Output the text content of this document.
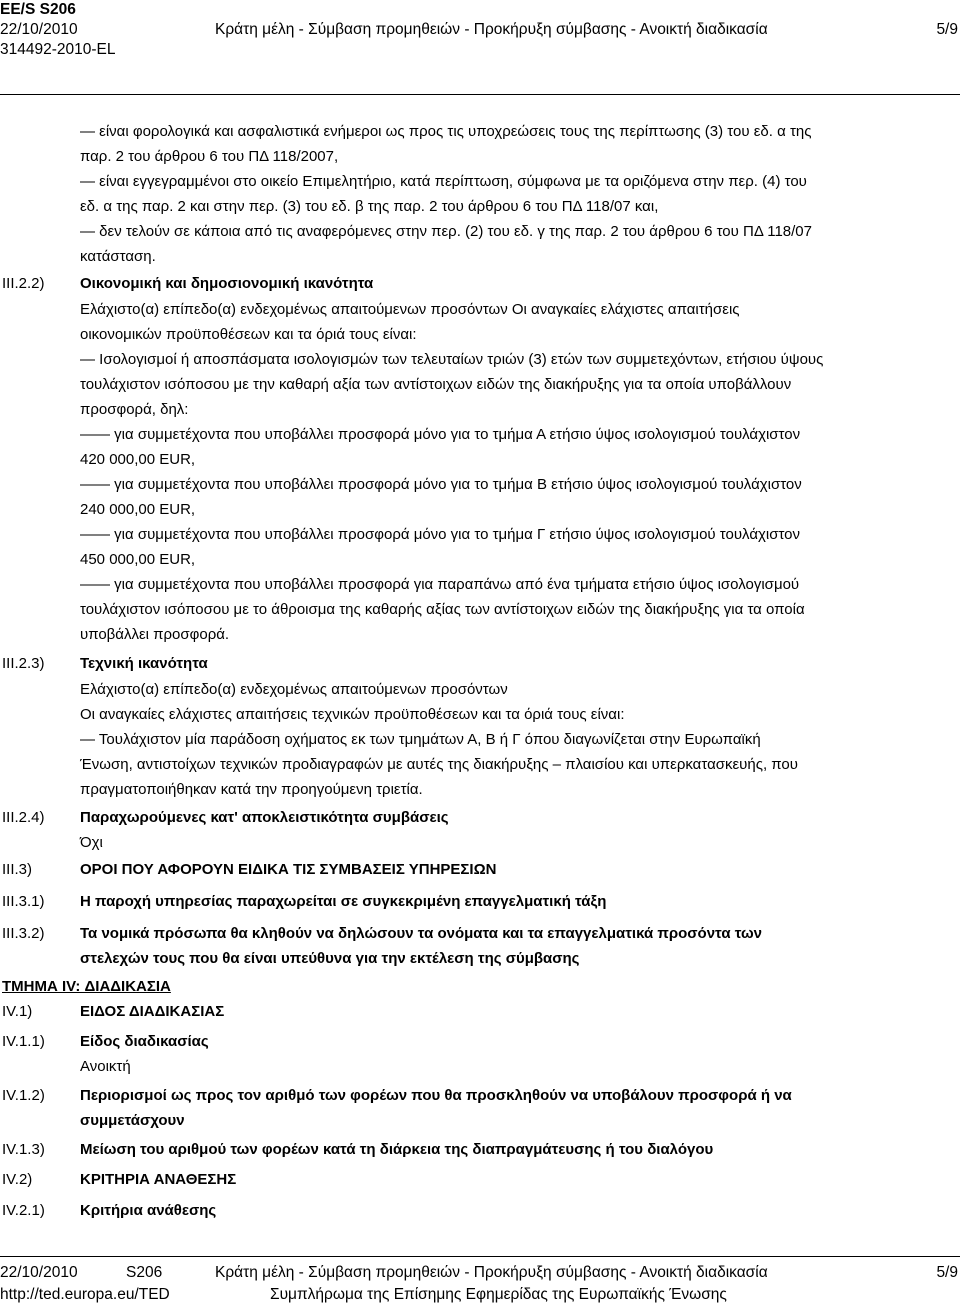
EE/S S206
22/10/2010	Κράτη μέλη - Σύμβαση προμηθειών - Προκήρυξη σύμβασης - Ανοικτή διαδικασία	5/9
314492-2010-EL
— είναι φορολογικά και ασφαλιστικά ενήμεροι ως προς τις υποχρεώσεις τους της περίπτωσης (3) του εδ. α της
παρ. 2 του άρθρου 6 του ΠΔ 118/2007,
— είναι εγγεγραμμένοι στο οικείο Επιμελητήριο, κατά περίπτωση, σύμφωνα με τα οριζόμενα στην περ. (4) του
εδ. α της παρ. 2 και στην περ. (3) του εδ. β της παρ. 2 του άρθρου 6 του ΠΔ 118/07 και,
— δεν τελούν σε κάποια από τις αναφερόμενες στην περ. (2) του εδ. γ της παρ. 2 του άρθρου 6 του ΠΔ 118/07
κατάσταση.
III.2.2) Οικονομική και δημοσιονομική ικανότητα
Ελάχιστο(α) επίπεδο(α) ενδεχομένως απαιτούμενων προσόντων Οι αναγκαίες ελάχιστες απαιτήσεις
οικονομικών προϋποθέσεων και τα όριά τους είναι:
— Ισολογισμοί ή αποσπάσματα ισολογισμών των τελευταίων τριών (3) ετών των συμμετεχόντων, ετήσιου ύψους
τουλάχιστον ισόποσου με την καθαρή αξία των αντίστοιχων ειδών της διακήρυξης για τα οποία υποβάλλουν
προσφορά, δηλ:
—— για συμμετέχοντα που υποβάλλει προσφορά μόνο για το τμήμα Α ετήσιο ύψος ισολογισμού τουλάχιστον
420 000,00 EUR,
—— για συμμετέχοντα που υποβάλλει προσφορά μόνο για το τμήμα Β ετήσιο ύψος ισολογισμού τουλάχιστον
240 000,00 EUR,
—— για συμμετέχοντα που υποβάλλει προσφορά μόνο για το τμήμα Γ ετήσιο ύψος ισολογισμού τουλάχιστον
450 000,00 EUR,
—— για συμμετέχοντα που υποβάλλει προσφορά για παραπάνω από ένα τμήματα ετήσιο ύψος ισολογισμού
τουλάχιστον ισόποσου με το άθροισμα της καθαρής αξίας των αντίστοιχων ειδών της διακήρυξης για τα οποία
υποβάλλει προσφορά.
III.2.3) Τεχνική ικανότητα
Ελάχιστο(α) επίπεδο(α) ενδεχομένως απαιτούμενων προσόντων
Οι αναγκαίες ελάχιστες απαιτήσεις τεχνικών προϋποθέσεων και τα όριά τους είναι:
— Τουλάχιστον μία παράδοση οχήματος εκ των τμημάτων Α, Β ή Γ όπου διαγωνίζεται στην Ευρωπαϊκή
Ένωση, αντιστοίχων τεχνικών προδιαγραφών με αυτές της διακήρυξης – πλαισίου και υπερκατασκευής, που
πραγματοποιήθηκαν κατά την προηγούμενη τριετία.
III.2.4) Παραχωρούμενες κατ' αποκλειστικότητα συμβάσεις
Όχι
III.3)	ΟΡΟΙ ΠΟΥ ΑΦΟΡΟΥΝ ΕΙΔΙΚΑ ΤΙΣ ΣΥΜΒΑΣΕΙΣ ΥΠΗΡΕΣΙΩΝ
III.3.1) Η παροχή υπηρεσίας παραχωρείται σε συγκεκριμένη επαγγελματική τάξη
III.3.2) Τα νομικά πρόσωπα θα κληθούν να δηλώσουν τα ονόματα και τα επαγγελματικά προσόντα των
στελεχών τους που θα είναι υπεύθυνα για την εκτέλεση της σύμβασης
ΤΜΗΜΑ IV: ΔΙΑΔΙΚΑΣΙΑ
IV.1)	ΕΙΔΟΣ ΔΙΑΔΙΚΑΣΙΑΣ
IV.1.1) Είδος διαδικασίας
Ανοικτή
IV.1.2) Περιορισμοί ως προς τον αριθμό των φορέων που θα προσκληθούν να υποβάλουν προσφορά ή να
συμμετάσχουν
IV.1.3) Μείωση του αριθμού των φορέων κατά τη διάρκεια της διαπραγμάτευσης ή του διαλόγου
IV.2)	ΚΡΙΤΗΡΙΑ ΑΝΑΘΕΣΗΣ
IV.2.1) Κριτήρια ανάθεσης
22/10/2010	S206	Κράτη μέλη - Σύμβαση προμηθειών - Προκήρυξη σύμβασης - Ανοικτή διαδικασία	5/9
http://ted.europa.eu/TED	Συμπλήρωμα της Επίσημης Εφημερίδας της Ευρωπαϊκής Ένωσης
